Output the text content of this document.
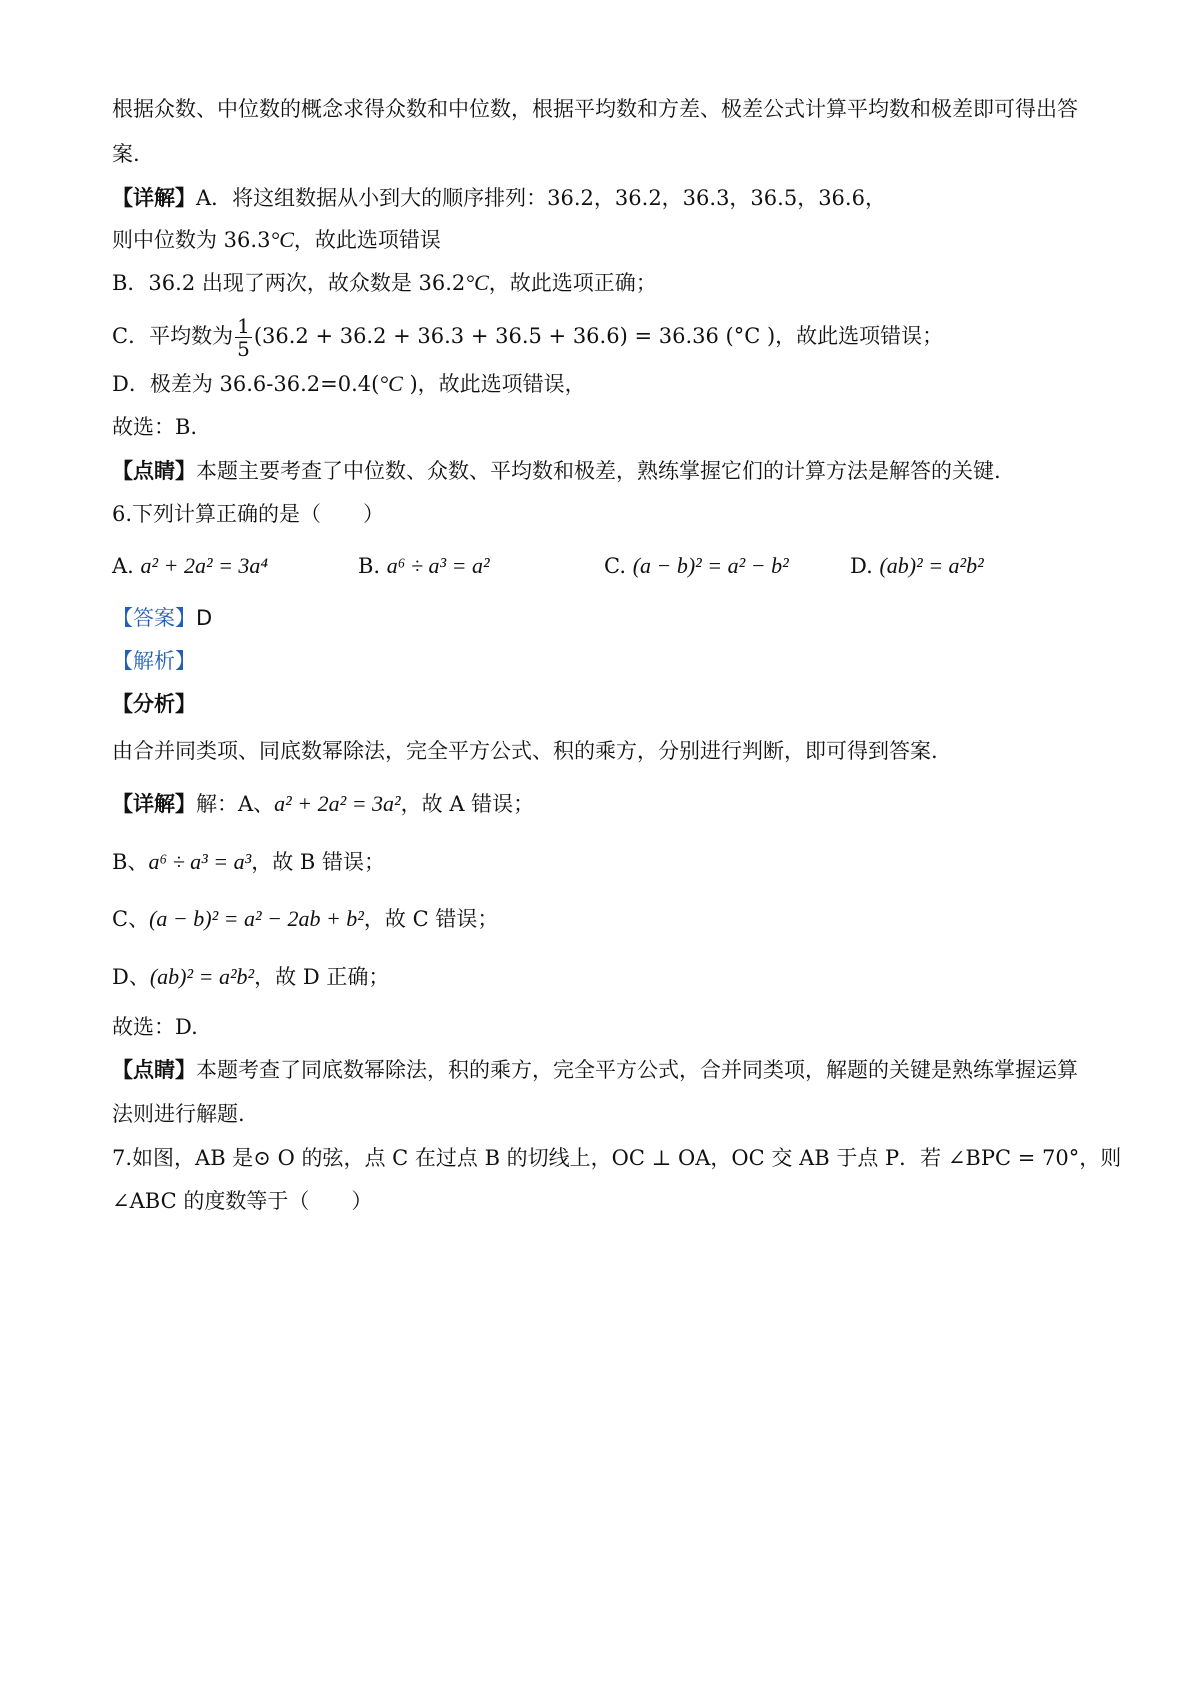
根据众数、中位数的概念求得众数和中位数，根据平均数和方差、极差公式计算平均数和极差即可得出答
案.
【详解】A．将这组数据从小到大的顺序排列：36.2，36.2，36.3，36.5，36.6，
则中位数为 36.3°C，故此选项错误
B．36.2 出现了两次，故众数是 36.2°C，故此选项正确；
C．平均数为 $\frac{1}{5} (36.2 + 36.2 + 36.3 + 36.5 + 36.6) = 36.36$ (°C )，故此选项错误；
D．极差为 36.6-36.2=0.4(°C )，故此选项错误，
故选：B.
【点睛】本题主要考查了中位数、众数、平均数和极差，熟练掌握它们的计算方法是解答的关键.
6.下列计算正确的是（　　）
A. a² + 2a² = 3a⁴	B. a⁶ ÷ a³ = a²	C. (a − b)² = a² − b²	D. (ab)² = a²b²
【答案】D
【解析】
【分析】
由合并同类项、同底数幂除法，完全平方公式、积的乘方，分别进行判断，即可得到答案.
【详解】解：A、a² + 2a² = 3a²，故 A 错误；
B、a⁶ ÷ a³ = a³，故 B 错误；
C、(a − b)² = a² − 2ab + b²，故 C 错误；
D、(ab)² = a²b²，故 D 正确；
故选：D.
【点睛】本题考查了同底数幂除法，积的乘方，完全平方公式，合并同类项，解题的关键是熟练掌握运算
法则进行解题.
7.如图，AB 是⊙ O 的弦，点 C 在过点 B 的切线上，OC ⊥ OA，OC 交 AB 于点 P．若 ∠BPC = 70°，则
∠ABC 的度数等于（　　）
